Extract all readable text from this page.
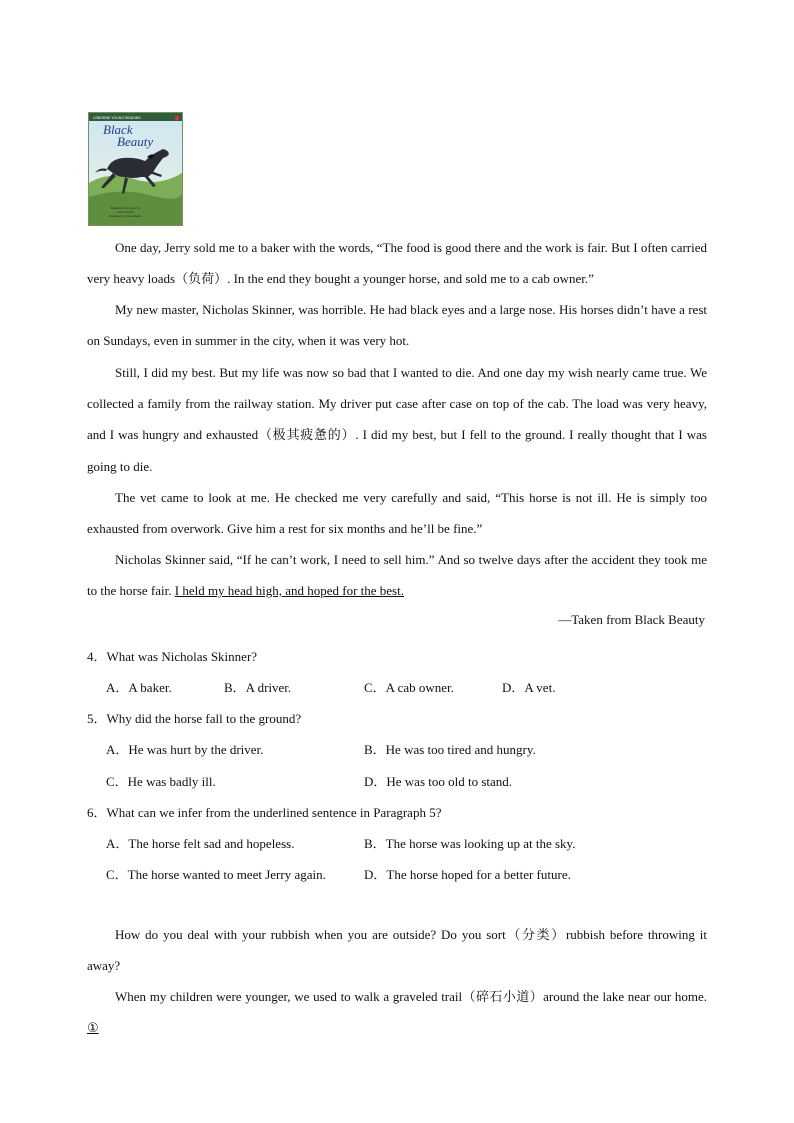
USBORNE YOUNG READING
Black
Beauty
Based on the story by
Anna Sewell
Illustrated by Alan Marks
One day, Jerry sold me to a baker with the words, “The food is good there and the work is fair. But I often carried very heavy loads（负荷）. In the end they bought a younger horse, and sold me to a cab owner.”
My new master, Nicholas Skinner, was horrible. He had black eyes and a large nose. His horses didn’t have a rest on Sundays, even in summer in the city, when it was very hot.
Still, I did my best. But my life was now so bad that I wanted to die. And one day my wish nearly came true. We collected a family from the railway station. My driver put case after case on top of the cab. The load was very heavy, and I was hungry and exhausted（极其疲惫的）. I did my best, but I fell to the ground. I really thought that I was going to die.
The vet came to look at me. He checked me very carefully and said, “This horse is not ill. He is simply too exhausted from overwork. Give him a rest for six months and he’ll be fine.”
Nicholas Skinner said, “If he can’t work, I need to sell him.” And so twelve days after the accident they took me to the horse fair. I held my head high, and hoped for the best.
—Taken from Black Beauty
4．What was Nicholas Skinner?
A．A baker.	B．A driver.	C．A cab owner.	D．A vet.
5．Why did the horse fall to the ground?
A．He was hurt by the driver.	B．He was too tired and hungry.
C．He was badly ill.	D．He was too old to stand.
6．What can we infer from the underlined sentence in Paragraph 5?
A．The horse felt sad and hopeless.	B．The horse was looking up at the sky.
C．The horse wanted to meet Jerry again.	D．The horse hoped for a better future.
How do you deal with your rubbish when you are outside? Do you sort（分类）rubbish before throwing it away?
When my children were younger, we used to walk a graveled trail（碎石小道）around the lake near our home. ①
